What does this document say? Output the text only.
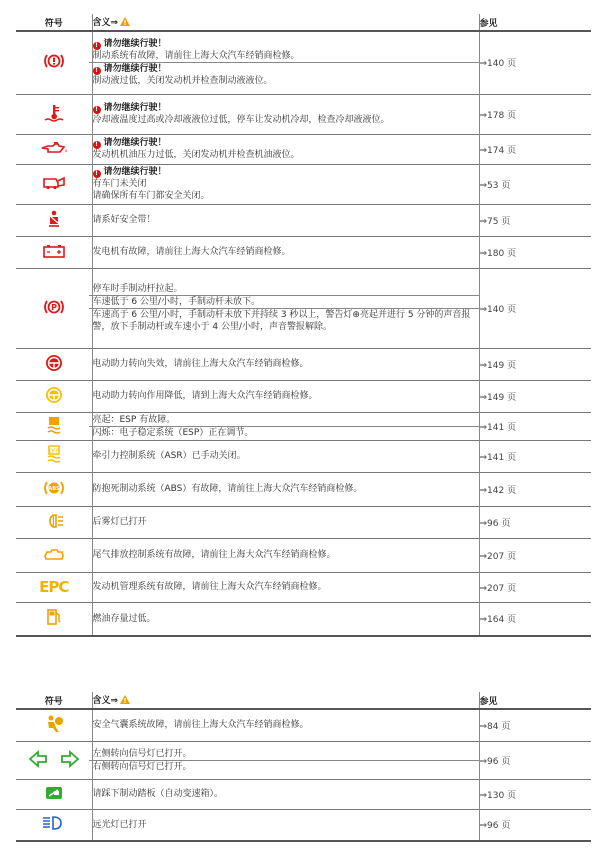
符号	含义⇒	参见

! 请勿继续行驶！
制动系统有故障，请前往上海大众汽车经销商检修。
! 请勿继续行驶！
制动液过低，关闭发动机并检查制动液液位。	⇒140 页

! 请勿继续行驶！
冷却液温度过高或冷却液液位过低，停车让发动机冷却，检查冷却液液位。	⇒178 页

! 请勿继续行驶！
发动机机油压力过低，关闭发动机并检查机油液位。	⇒174 页

! 请勿继续行驶！
有车门未关闭
请确保所有车门都安全关闭。	⇒53 页

请系好安全带！	⇒75 页

发电机有故障，请前往上海大众汽车经销商检修。	⇒180 页

P	停车时手制动杆拉起。
车速低于 6 公里/小时，手制动杆未放下。
车速高于 6 公里/小时，手制动杆未放下并持续 3 秒以上，警告灯⊕亮起并进行 5 分钟的声音报警，放下手制动杆或车速小于 4 公里/小时，声音警报解除。	⇒140 页

电动助力转向失效，请前往上海大众汽车经销商检修。	⇒149 页

电动助力转向作用降低，请到上海大众汽车经销商检修。	⇒149 页

亮起：ESP 有故障。
闪烁：电子稳定系统（ESP）正在调节。	⇒141 页

OFF	牵引力控制系统（ASR）已手动关闭。	⇒141 页

ABS	防抱死制动系统（ABS）有故障，请前往上海大众汽车经销商检修。	⇒142 页

后雾灯已打开	⇒96 页

尾气排放控制系统有故障，请前往上海大众汽车经销商检修。	⇒207 页
EPC	发动机管理系统有故障，请前往上海大众汽车经销商检修。	⇒207 页

燃油存量过低。	⇒164 页
符号	含义⇒	参见

安全气囊系统故障，请前往上海大众汽车经销商检修。	⇒84 页

左侧转向信号灯已打开。
右侧转向信号灯已打开。	⇒96 页

请踩下制动踏板（自动变速箱）。	⇒130 页

远光灯已打开	⇒96 页
